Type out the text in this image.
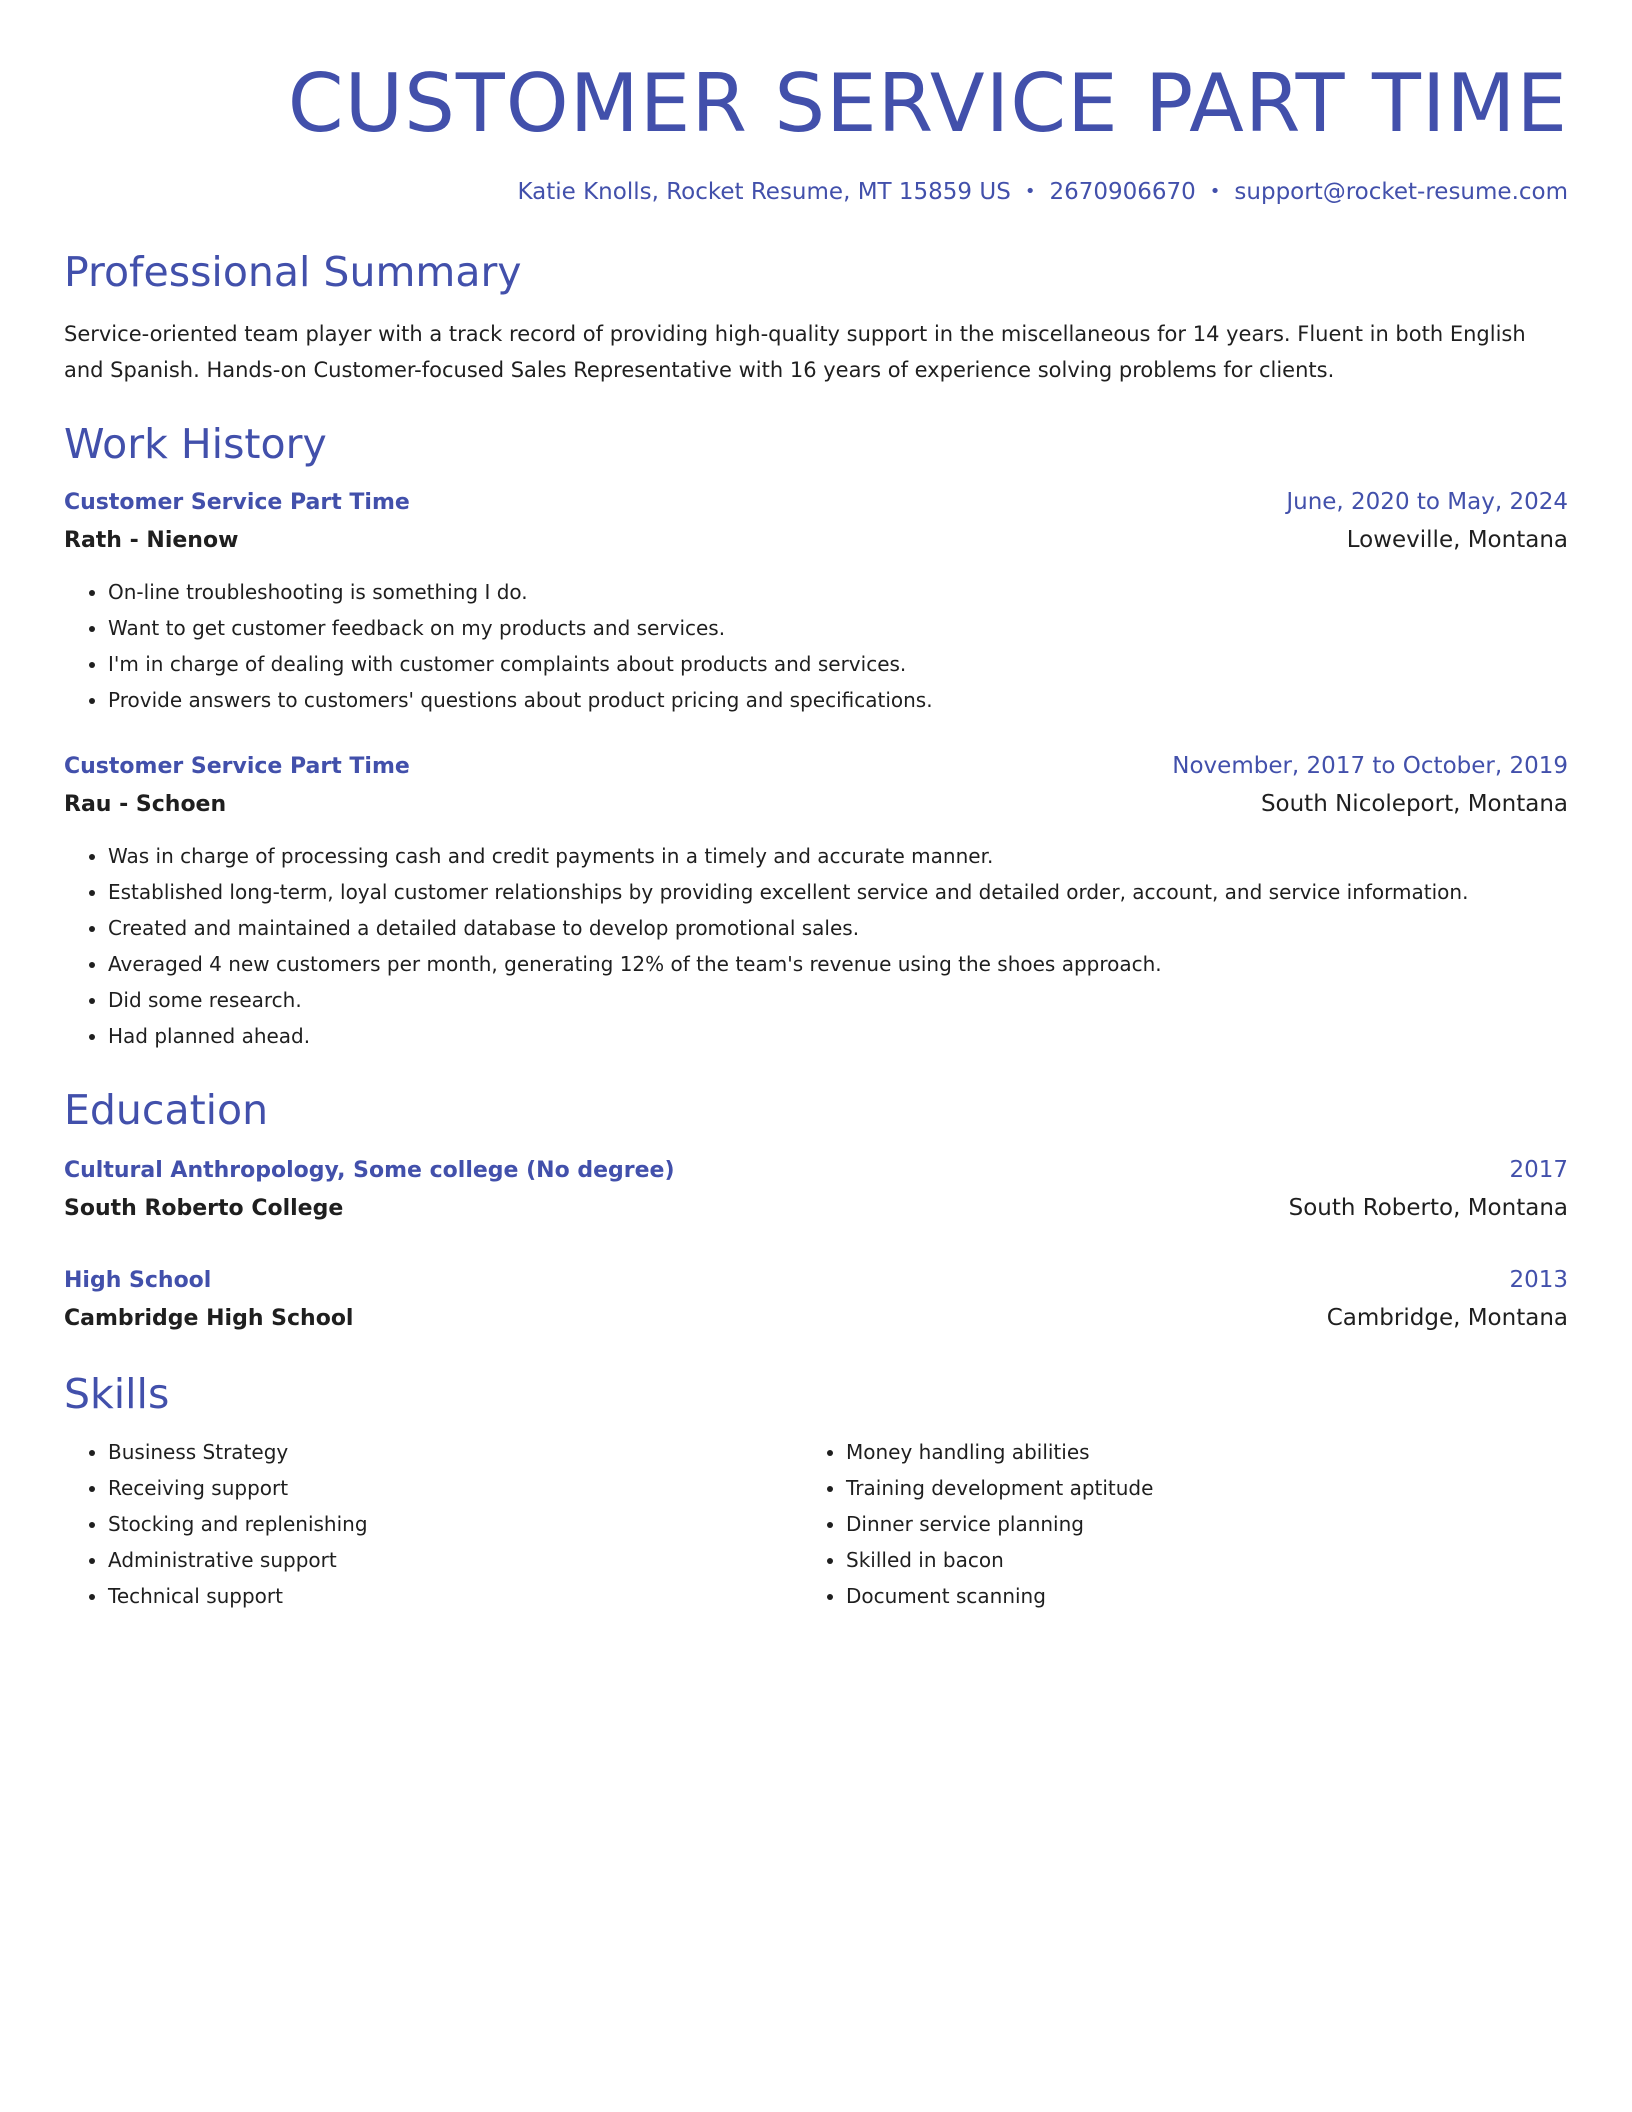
CUSTOMER SERVICE PART TIME
Katie Knolls, Rocket Resume, MT 15859 US • 2670906670 • support@rocket-resume.com
Professional Summary
Service-oriented team player with a track record of providing high-quality support in the miscellaneous for 14 years. Fluent in both English and Spanish. Hands-on Customer-focused Sales Representative with 16 years of experience solving problems for clients.
Work History
Customer Service Part Time	June, 2020 to May, 2024
Rath - Nienow	Loweville, Montana
• On-line troubleshooting is something I do.
• Want to get customer feedback on my products and services.
• I'm in charge of dealing with customer complaints about products and services.
• Provide answers to customers' questions about product pricing and specifications.
Customer Service Part Time	November, 2017 to October, 2019
Rau - Schoen	South Nicoleport, Montana
• Was in charge of processing cash and credit payments in a timely and accurate manner.
• Established long-term, loyal customer relationships by providing excellent service and detailed order, account, and service information.
• Created and maintained a detailed database to develop promotional sales.
• Averaged 4 new customers per month, generating 12% of the team's revenue using the shoes approach.
• Did some research.
• Had planned ahead.
Education
Cultural Anthropology, Some college (No degree)	2017
South Roberto College	South Roberto, Montana
High School	2013
Cambridge High School	Cambridge, Montana
Skills
• Business Strategy
• Receiving support
• Stocking and replenishing
• Administrative support
• Technical support
• Money handling abilities
• Training development aptitude
• Dinner service planning
• Skilled in bacon
• Document scanning
